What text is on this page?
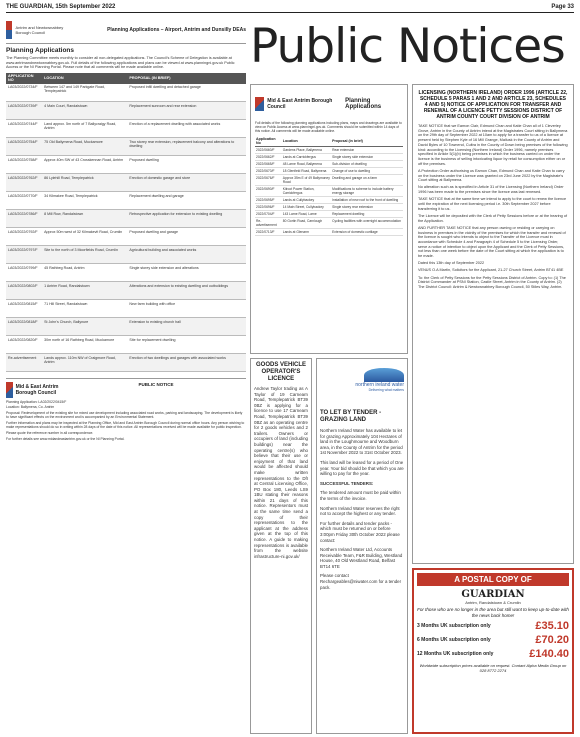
THE GUARDIAN, 15th September 2022	Page 33
Antrim and Newtownabbey Borough Council	Planning Applications – Airport, Antrim and Dunsilly DEAs
Planning Applications
The Planning Committee meets monthly to consider all non-delegated applications. The Council's Scheme of Delegation is available at www.antrimandnewtownabbey.gov.uk. Full details of the following applications and plans can be viewed at www.planningni.gov.uk Public Access or the NI Planning Portal. Please note that all comments will be made available online.
APPLICATION NO	LOCATION	PROPOSAL (IN BRIEF)
LA03/2022/0734/F	Between 147 and 149 Parkgate Road, Templepatrick	Proposed infill dwelling and detached garage
LA03/2022/0739/F	4 Main Court, Randalstown	Replacement sunroom and rear extension
LA03/2022/0744/F	Land approx. 5m north of 7 Ballycraigy Road, Antrim	Erection of a replacement dwelling with associated works
LA03/2022/0754/F	75 Old Ballymena Road, Muckamore	Two storey rear extension, replacement balcony and alterations to dwelling
LA03/2022/0758/F	Approx 40m SW of 43 Crosskennan Road, Antrim	Proposed dwelling
LA03/2022/0762/F	86 Lylehill Road, Templepatrick	Erection of domestic garage and store
LA03/2022/0770/F	34 Kilmakee Road, Templepatrick	Replacement dwelling and garage
LA03/2022/0786/F	8 Mill Row, Randalstown	Retrospective application for extension to existing dwelling
LA03/2022/0792/F	Approx 50m west of 32 Kilmakevit Road, Crumlin	Proposed dwelling and garage
LA03/2022/0797/F	Site to the north of 3 Moorfields Road, Crumlin	Agricultural building and associated works
LA03/2022/0799/F	45 Rathbeg Road, Antrim	Single storey side extension and alterations
LA03/2022/0802/F	1 Antrim Road, Randalstown	Alterations and extension to existing dwelling and outbuildings
LA03/2022/0815/F	71 Hill Street, Randalstown	New farm building with office
LA03/2022/0818/F	St John's Church, Ballynure	Extension to existing church hall
LA03/2022/0820/F	30m north of 16 Rathbeg Road, Muckamore	Site for replacement dwelling
Re-advertisement	Lands approx. 110m NW of Craigmore Road, Antrim	Erection of two dwellings and garages with associated works
Mid & East Antrim Borough Council
PUBLIC NOTICE
Planning Application: LA02/2022/0415/F
Location: Ballymena, Co. Antrim
Proposal: Redevelopment of the existing site for mixed use development including associated road works, parking and landscaping. The development is likely to have significant effects on the environment and is accompanied by an Environmental Statement.
Further information and plans may be inspected at the Planning Office, Mid and East Antrim Borough Council during normal office hours. Any person wishing to make representations should do so in writing within 28 days of the date of this notice. All representations received will be made available for public inspection.
Please quote the reference number in all correspondence.
For further details see www.midandeastantrim.gov.uk or the NI Planning Portal.
Public Notices
Mid & East Antrim Borough Council
Planning Applications
Full details of the following planning applications including plans, maps and drawings are available to view on Public Access at www.planningni.gov.uk. Comments should be submitted within 14 days of this notice. All comments will be made available online.
Application No	Location	Proposal (in brief)
2022/0660/F	Gardens Place, Ballymena	Rear extension
2022/0662/F	Lands at Carrickfergus	Single storey side extension
2022/0665/F	48 Larne Road, Ballymena	Sub-division of dwelling
2022/0670/F	18 Glenfield Road, Ballymena	Change of use to dwelling
2022/0676/F	Approx 35m E of 49 Ballymoney Road	Dwelling and garage on a farm
2022/0690/F	Kilroot Power Station, Carrickfergus	Modifications to scheme to include battery energy storage
2022/0695/F	Lands at Cullybackey	Installation of new roof to the front of dwelling
2022/0696/F	14 Main Street, Cullybackey	Single storey rear extension
2022/0704/F	143 Larne Road, Larne	Replacement dwelling
Re-advertisement	80 Gortin Road, Carnlough	Cycling facilities with overnight accommodation
2022/0713/F	Lands at Glenarm	Extension of domestic curtilage
LICENSING (NORTHERN IRELAND) ORDER 1996 (ARTICLE 22, SCHEDULE 5 PARAS 1 AND 2 AND ARTICLE 23, SCHEDULES 4 AND 5) NOTICE OF APPLICATION FOR TRANSFER AND RENEWAL OF A LICENCE PETTY SESSIONS DISTRICT OF ANTRIM COUNTY COURT DIVISION OF ANTRIM

TAKE NOTICE that we Eamon Clair, Edmund Chan and Katie Chan all of 1 Cleverley Grove, Antrim in the County of Antrim intend at the Magistrates Court sitting in Ballymena on the 29th day of September 2022 at 10am to apply for a transfer to us of a licence at present held by Stephen Kyle of 16 Mill Grange, Mallusk in the County of Antrim and David Byles of 10 Townend, Cultra in the County of Down being premises of the following kind: according to the Licensing (Northern Ireland) Order 1996, namely premises specified in Article 5(1)(b) being premises in which the business carried on under the licence is the business of selling intoxicating liquor by retail for consumption either on or off the premises.

A Protection Order authorising us Eamon Chan, Edmund Chan and Katie Chan to carry on the business under the Licence was granted on 23rd June 2022 by the Magistrate's Court sitting at Ballymena.

No alteration such as is specified in Article 31 of the Licensing (Northern Ireland) Order 1996 has been made to the premises since the licence was last renewed.

TAKE NOTICE that at the same time we intend to apply to the court to renew the licence until the expiration of the next licensing period i.e. 30th September 2027 before transferring it to us.

The Licence will be deposited with the Clerk of Petty Sessions before or at the hearing of the Application.

AND FURTHER TAKE NOTICE that any person owning or residing or carrying on business in premises in the vicinity of the premises for which the transfer and renewal of the licence is sought who intends to object to the Transfer of the Licence must in accordance with Schedule 4 and Paragraph 4 of Schedule 5 to the Licensing Order, serve a notice of intention to object upon the Applicant and the Clerk of Petty Sessions, not less than one week before the date of the Court sitting at which the application is to be made.

Dated this 13th day of September 2022

VENUS O.A Martin, Solicitors for the Applicant, 21-27 Church Street, Antrim BT41 4BE

To: the Clerk of Petty Sessions for the Petty Sessions District of Antrim. Copy to: (1) The District Commander at PSNI Station, Castle Street, Antrim in the County of Antrim. (2) The District Council: Antrim & Newtownabbey Borough Council, 50 Stiles Way, Antrim.

GOODS VEHICLE OPERATOR'S LICENCE
Andrew Taylor trading as A Taylor of 19 Carnearn Road, Templepatrick BT39 0BZ is applying for a licence to use 17 Carnearn Road, Templepatrick BT39 0BZ as an operating centre for 2 goods vehicles and 2 trailers. Owners or occupiers of land (including buildings) near the operating centre(s) who believe that their use or enjoyment of that land would be affected should make written representations to the DfI at Central Licensing Office, PO Box 180, Leeds LS9 1BU stating their reasons within 21 days of this notice. Representors must at the same time send a copy of their representations to the applicant at the address given at the top of this notice. A guide to making representations is available from the website infrastructure-ni.gov.uk/
northern ireland water
Delivering what matters
TO LET BY TENDER - GRAZING LAND

Northern Ireland Water has available to let for grazing Approximately 104 Hectares of land in the Loughmourne and Woodburn area, in the County of Antrim for the period 1st November 2022 to 31st October 2023.

This land will be leased for a period of One year. Your bid should be that which you are willing to pay for the year.

SUCCESSFUL TENDERS:

The tendered amount must be paid within the terms of the invoice.

Northern Ireland Water reserves the right not to accept the highest or any tender.

For further details and tender packs - which must be returned on or before 3:00pm Friday 30th October 2022 please contact:

Northern Ireland Water Ltd, Accounts Receivable Team, F&R Building, Westland House, 40 Old Westland Road, Belfast BT14 6TE

Please contact Rechargeables@niwater.com for a tender pack.

A POSTAL COPY OF
GUARDIAN
Antrim, Randalstown & Crumlin
For those who are no longer in the area but still want to keep up-to-date with the news back home!
3 Months UK subscription only	£35.10
6 Months UK subscription only	£70.20
12 Months UK subscription only	£140.40
Worldwide subscription prices available on request. Contact Alpha Media Group on 028 8772 2274
